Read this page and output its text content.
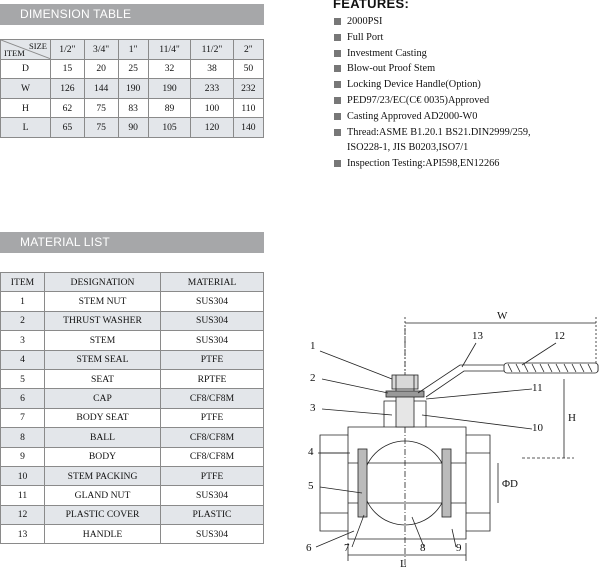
DIMENSION TABLE
SIZE
ITEM	1/2"	3/4"	1"	11/4"	11/2"	2"
D	15	20	25	32	38	50
W	126	144	190	190	233	232
H	62	75	83	89	100	110
L	65	75	90	105	120	140
FEATURES:
2000PSI
Full Port
Investment Casting
Blow-out Proof Stem
Locking Device Handle(Option)
PED97/23/EC(C€ 0035)Approved
Casting Approved AD2000-W0
Thread:ASME B1.20.1 BS21.DIN2999/259,
ISO228-1, JIS B0203,ISO7/1
Inspection Testing:API598,EN12266
MATERIAL LIST
ITEM	DESIGNATION	MATERIAL
1	STEM NUT	SUS304
2	THRUST WASHER	SUS304
3	STEM	SUS304
4	STEM SEAL	PTFE
5	SEAT	RPTFE
6	CAP	CF8/CF8M
7	BODY SEAT	PTFE
8	BALL	CF8/CF8M
9	BODY	CF8/CF8M
10	STEM PACKING	PTFE
11	GLAND NUT	SUS304
12	PLASTIC COVER	PLASTIC
13	HANDLE	SUS304
W
H
L
ΦD
1
2
3
4
5
6	7	8	9
10
11
12
13
